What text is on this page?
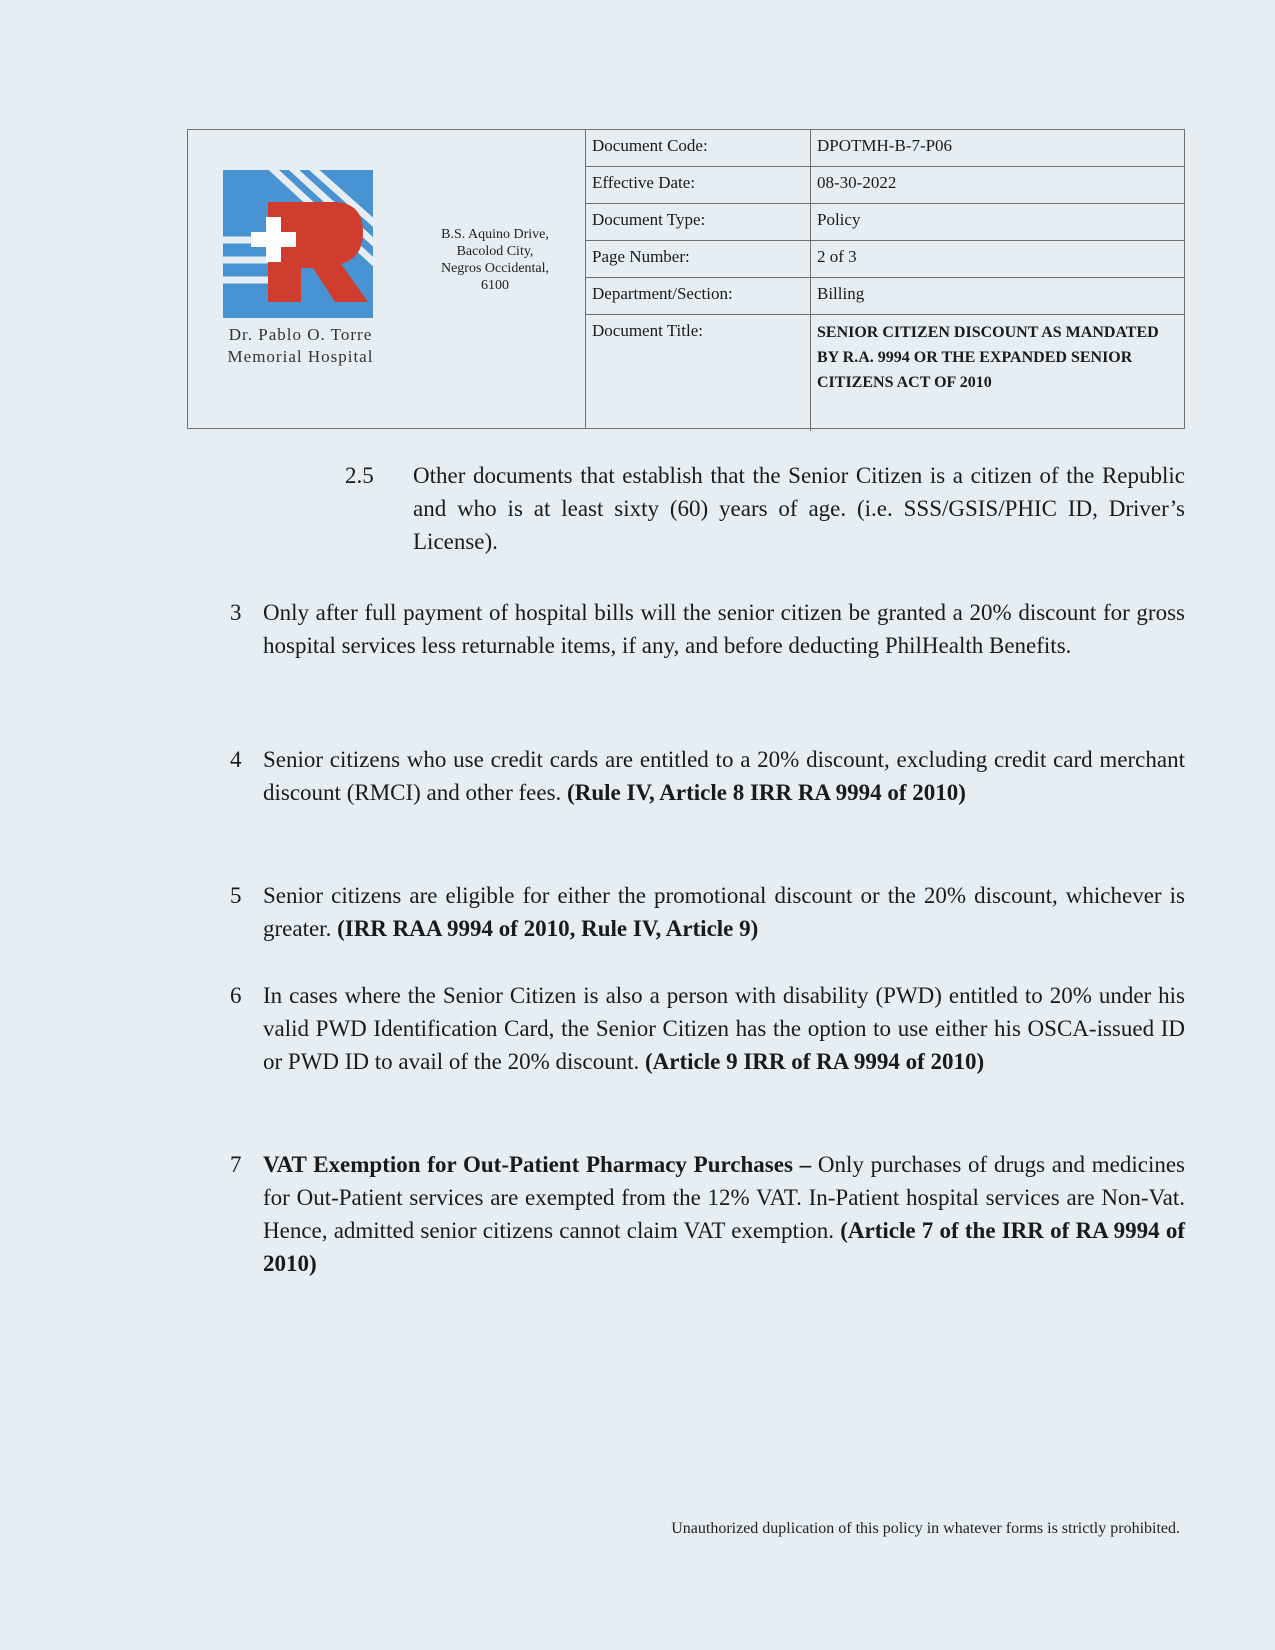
Dr. Pablo O. Torre
Memorial Hospital
B.S. Aquino Drive,
Bacolod City,
Negros Occidental,
6100
Document Code:	DPOTMH-B-7-P06
Effective Date:	08-30-2022
Document Type:	Policy
Page Number:	2 of 3
Department/Section:	Billing
Document Title:	SENIOR CITIZEN DISCOUNT AS MANDATED BY R.A. 9994 OR THE EXPANDED SENIOR CITIZENS ACT OF 2010
2.5	Other documents that establish that the Senior Citizen is a citizen of the Republic and who is at least sixty (60) years of age. (i.e. SSS/GSIS/PHIC ID, Driver’s License).
3 Only after full payment of hospital bills will the senior citizen be granted a 20% discount for gross hospital services less returnable items, if any, and before deducting PhilHealth Benefits.
4 Senior citizens who use credit cards are entitled to a 20% discount, excluding credit card merchant discount (RMCI) and other fees. (Rule IV, Article 8 IRR RA 9994 of 2010)
5 Senior citizens are eligible for either the promotional discount or the 20% discount, whichever is greater. (IRR RAA 9994 of 2010, Rule IV, Article 9)
6 In cases where the Senior Citizen is also a person with disability (PWD) entitled to 20% under his valid PWD Identification Card, the Senior Citizen has the option to use either his OSCA-issued ID or PWD ID to avail of the 20% discount. (Article 9 IRR of RA 9994 of 2010)
7 VAT Exemption for Out-Patient Pharmacy Purchases – Only purchases of drugs and medicines for Out-Patient services are exempted from the 12% VAT. In-Patient hospital services are Non-Vat. Hence, admitted senior citizens cannot claim VAT exemption. (Article 7 of the IRR of RA 9994 of 2010)
Unauthorized duplication of this policy in whatever forms is strictly prohibited.
